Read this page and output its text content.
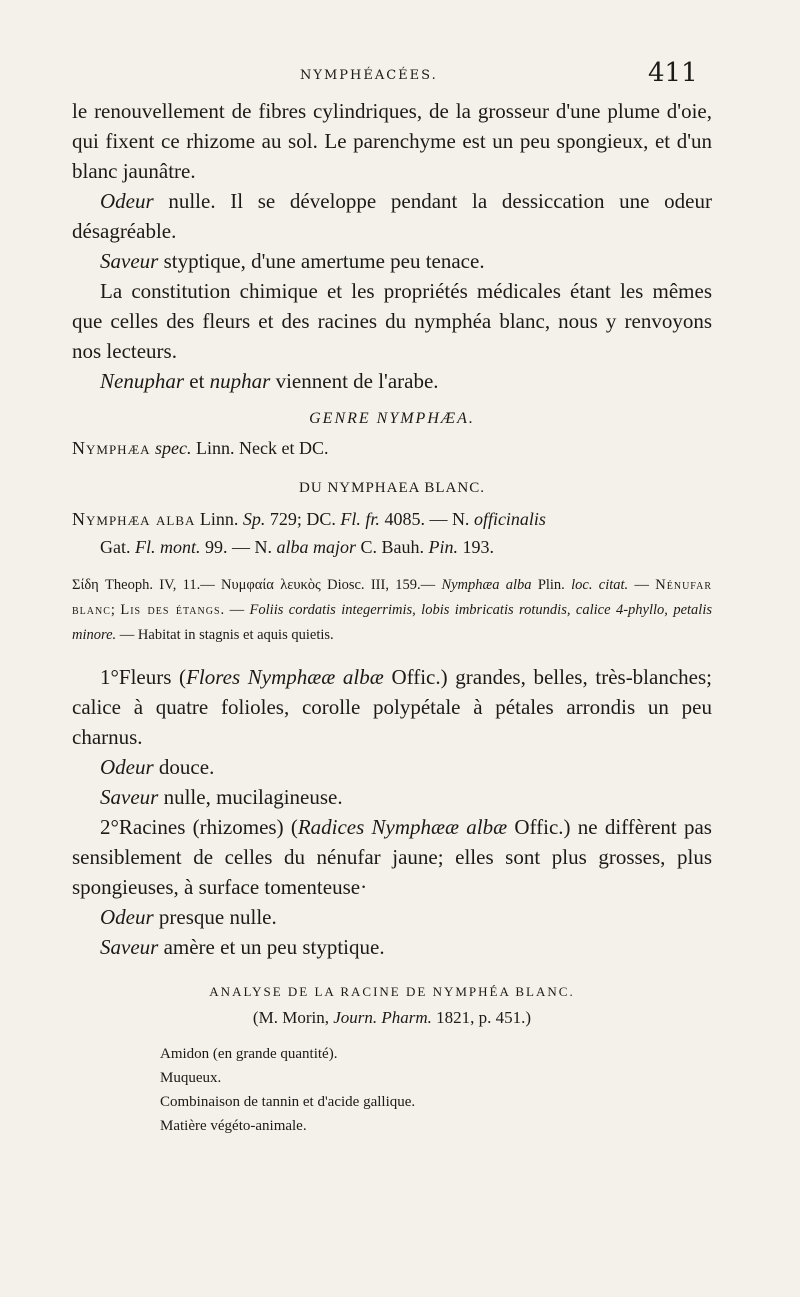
NYMPHÉACÉES.	411

le renouvellement de fibres cylindriques, de la grosseur d'une plume d'oie, qui fixent ce rhizome au sol. Le parenchyme est un peu spongieux, et d'un blanc jaunâtre.

Odeur nulle. Il se développe pendant la dessiccation une odeur désagréable.

Saveur styptique, d'une amertume peu tenace.

La constitution chimique et les propriétés médicales étant les mêmes que celles des fleurs et des racines du nymphéa blanc, nous y renvoyons nos lecteurs.

Nenuphar et nuphar viennent de l'arabe.

GENRE NYMPHÆA.

Nymphæa spec. Linn. Neck et DC.

DU NYMPHAEA BLANC.

Nymphæa alba Linn. Sp. 729; DC. Fl. fr. 4085. — N. officinalis

Gat. Fl. mont. 99. — N. alba major C. Bauh. Pin. 193.

Σίδη Theoph. IV, 11.— Νυμφαία λευκὸς Diosc. III, 159.— Nymphæa alba Plin. loc. citat. — Nénufar blanc; Lis des étangs. — Foliis cordatis integerrimis, lobis imbricatis rotundis, calice 4-phyllo, petalis minore. — Habitat in stagnis et aquis quietis.

1°Fleurs (Flores Nymphææ albæ Offic.) grandes, belles, très-blanches; calice à quatre folioles, corolle polypétale à pétales arrondis un peu charnus.

Odeur douce.

Saveur nulle, mucilagineuse.

2°Racines (rhizomes) (Radices Nymphææ albæ Offic.) ne diffèrent pas sensiblement de celles du nénufar jaune; elles sont plus grosses, plus spongieuses, à surface tomenteuse·

Odeur presque nulle.

Saveur amère et un peu styptique.

ANALYSE DE LA RACINE DE NYMPHÉA BLANC.

(M. Morin, Journ. Pharm. 1821, p. 451.)

Amidon (en grande quantité).
Muqueux.
Combinaison de tannin et d'acide gallique.
Matière végéto-animale.
